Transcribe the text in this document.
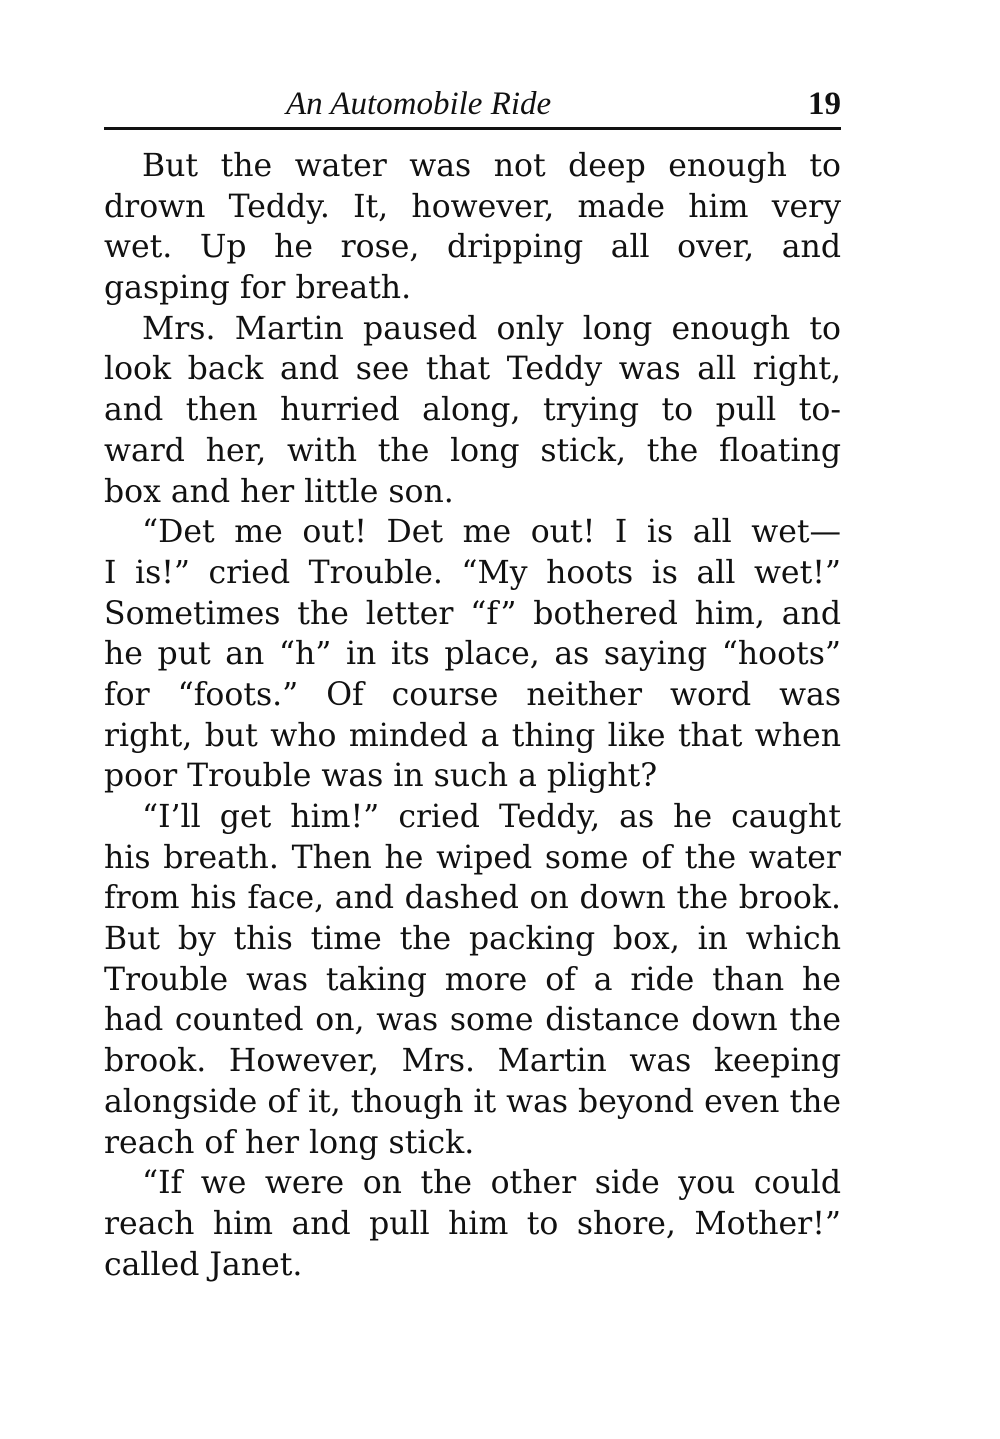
An Automobile Ride	19
But the water was not deep enough to
drown Teddy. It, however, made him very
wet. Up he rose, dripping all over, and
gasping for breath.
Mrs. Martin paused only long enough to
look back and see that Teddy was all right,
and then hurried along, trying to pull to-
ward her, with the long stick, the floating
box and her little son.
“Det me out! Det me out! I is all wet—
I is!” cried Trouble. “My hoots is all wet!”
Sometimes the letter “f” bothered him, and
he put an “h” in its place, as saying “hoots”
for “foots.” Of course neither word was
right, but who minded a thing like that when
poor Trouble was in such a plight?
“I’ll get him!” cried Teddy, as he caught
his breath. Then he wiped some of the water
from his face, and dashed on down the brook.
But by this time the packing box, in which
Trouble was taking more of a ride than he
had counted on, was some distance down the
brook. However, Mrs. Martin was keeping
alongside of it, though it was beyond even the
reach of her long stick.
“If we were on the other side you could
reach him and pull him to shore, Mother!”
called Janet.
